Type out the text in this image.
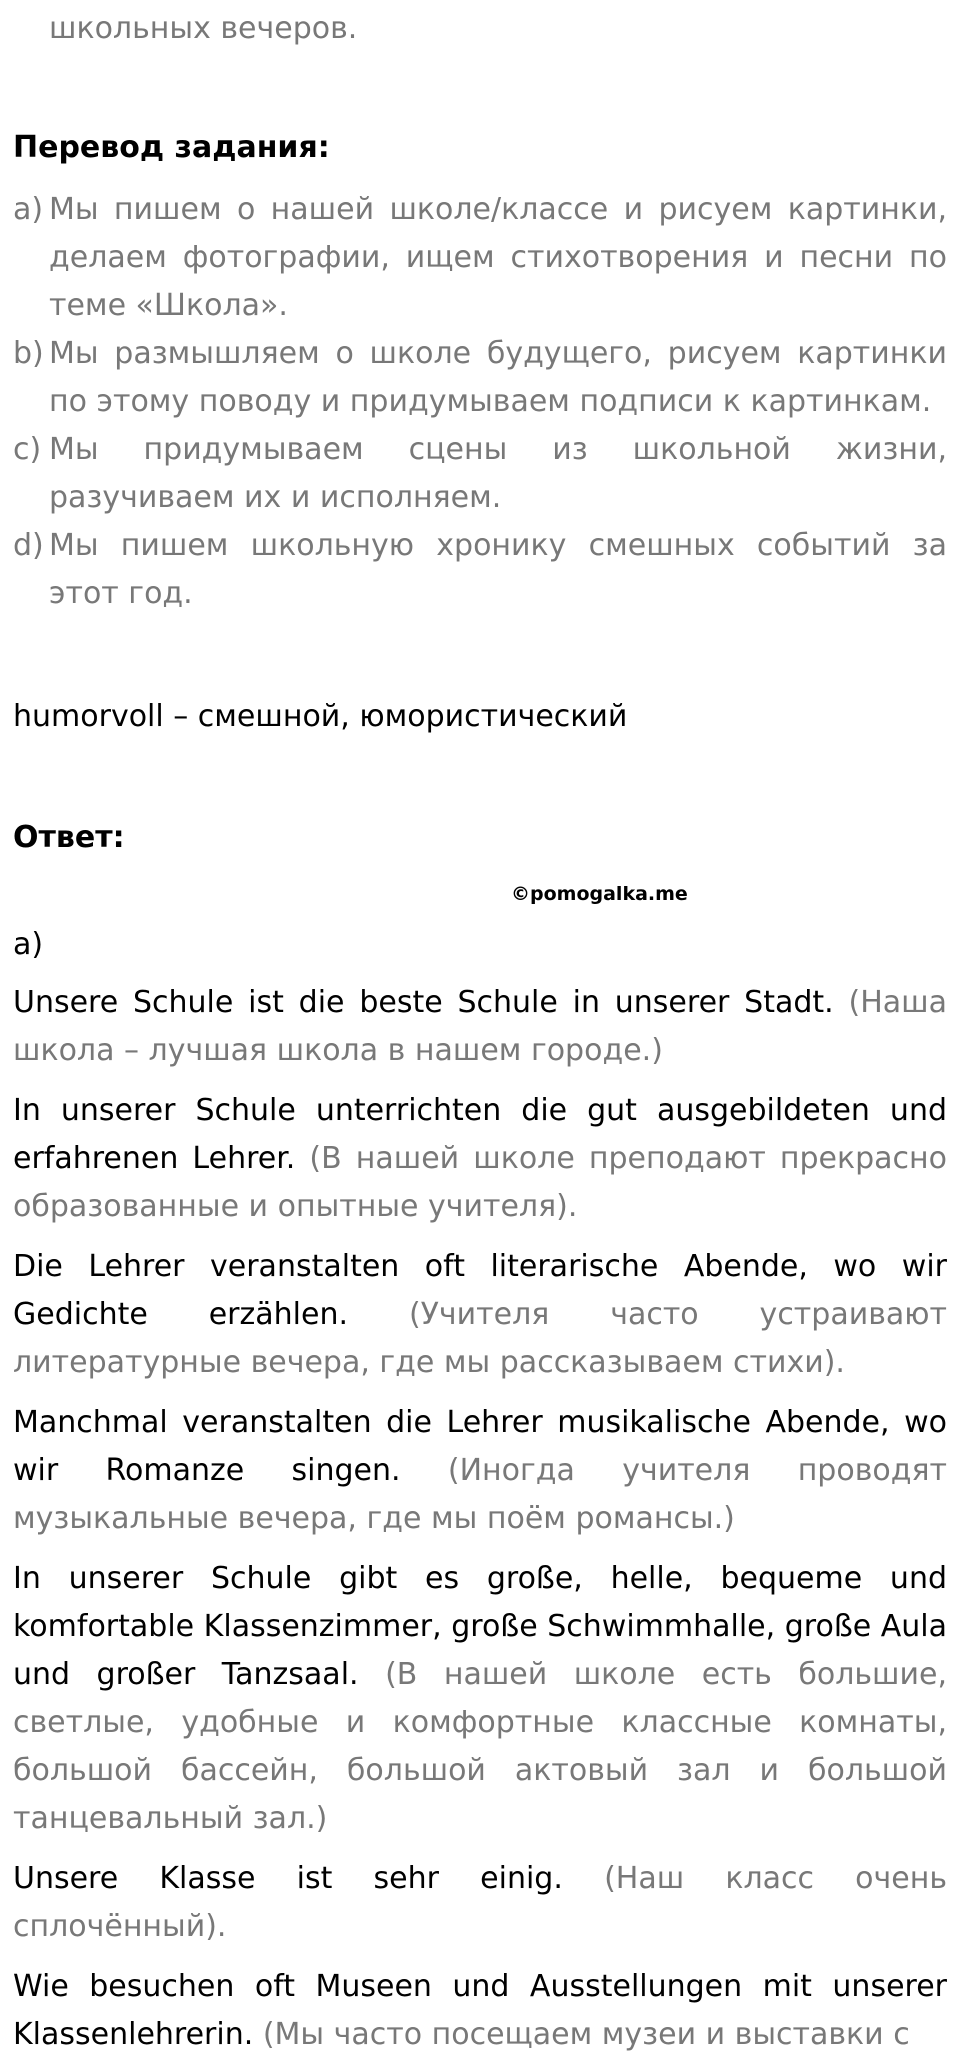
школьных вечеров.
Перевод задания:
a) Мы пишем о нашей школе/классе и рисуем картинки, делаем фотографии, ищем стихотворения и песни по теме «Школа».
b) Мы размышляем о школе будущего, рисуем картинки по этому поводу и придумываем подписи к картинкам.
c) Мы придумываем сцены из школьной жизни, разучиваем их и исполняем.
d) Мы пишем школьную хронику смешных событий за этот год.
humorvoll – смешной, юмористический
Ответ:
©pomogalka.me
a)

Unsere Schule ist die beste Schule in unserer Stadt. (Наша школа – лучшая школа в нашем городе.)

In unserer Schule unterrichten die gut ausgebildeten und erfahrenen Lehrer. (В нашей школе преподают прекрасно образованные и опытные учителя).

Die Lehrer veranstalten oft literarische Abende, wo wir Gedichte erzählen. (Учителя часто устраивают литературные вечера, где мы рассказываем стихи).

Manchmal veranstalten die Lehrer musikalische Abende, wo wir Romanze singen. (Иногда учителя проводят музыкальные вечера, где мы поём романсы.)

In unserer Schule gibt es große, helle, bequeme und komfortable Klassenzimmer, große Schwimmhalle, große Aula und großer Tanzsaal. (В нашей школе есть большие, светлые, удобные и комфортные классные комнаты, большой бассейн, большой актовый зал и большой танцевальный зал.)

Unsere Klasse ist sehr einig. (Наш класс очень сплочённый).

Wie besuchen oft Museen und Ausstellungen mit unserer Klassenlehrerin. (Мы часто посещаем музеи и выставки с
